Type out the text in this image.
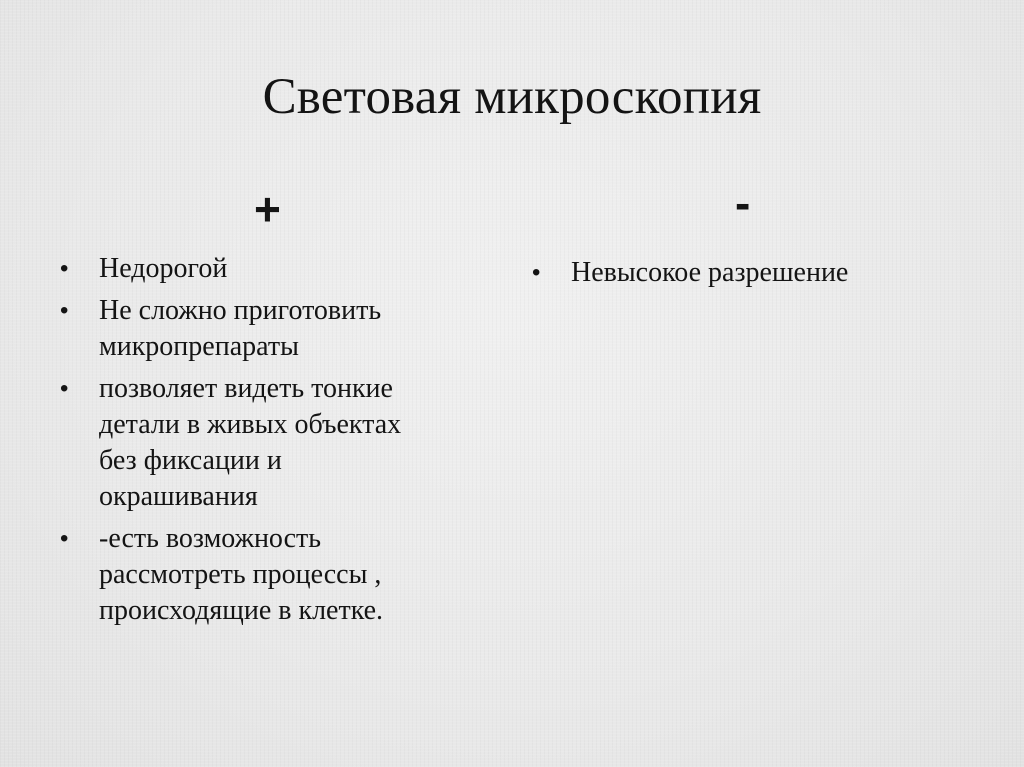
Световая микроскопия
+	-
• Недорогой
• Не сложно приготовить
микропрепараты
• позволяет видеть тонкие
детали в живых объектах
без фиксации и
окрашивания
• -есть возможность
рассмотреть процессы ,
происходящие в клетке.
• Невысокое разрешение
